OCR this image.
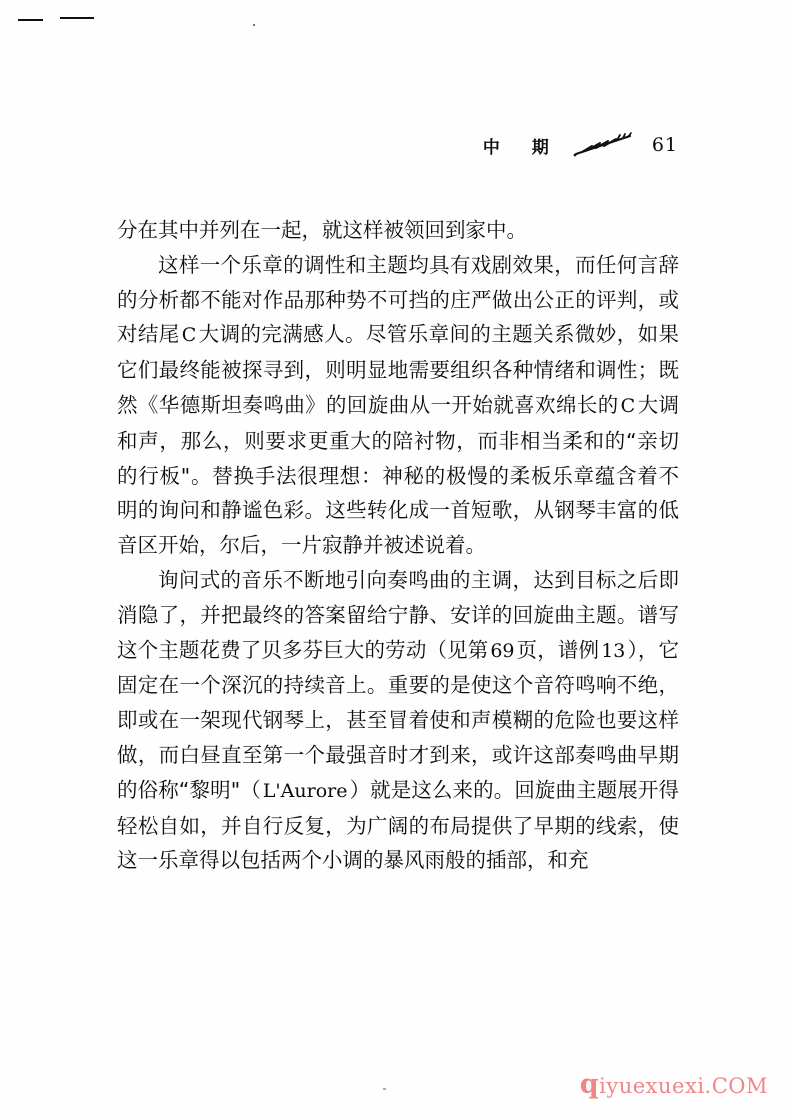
中 期	61

分在其中并列在一起，就这样被领回到家中。

这样一个乐章的调性和主题均具有戏剧效果，而任何言辞的分析都不能对作品那种势不可挡的庄严做出公正的评判，或对结尾 C大调的完满感人。尽管乐章间的主题关系微妙，如果它们最终能被探寻到，则明显地需要组织各种情绪和调性；既然《华德斯坦奏鸣曲》的回旋曲从一开始就喜欢绵长的 C大调和声，那么，则要求更重大的陪衬物，而非相当柔和的“亲切的行板"。替换手法很理想：神秘的极慢的柔板乐章蕴含着不明的询问和静谧色彩。这些转化成一首短歌，从钢琴丰富的低音区开始，尔后，一片寂静并被述说着。

询问式的音乐不断地引向奏鸣曲的主调，达到目标之后即消隐了，并把最终的答案留给宁静、安详的回旋曲主题。谱写这个主题花费了贝多芬巨大的劳动（见第 69页，谱例 13），它固定在一个深沉的持续音上。重要的是使这个音符鸣响不绝，即或在一架现代钢琴上，甚至冒着使和声模糊的危险也要这样做，而白昼直至第一个最强音时才到来，或许这部奏鸣曲早期的俗称“黎明"（ L'Aurore）就是这么来的。回旋曲主题展开得轻松自如，并自行反复，为广阔的布局提供了早期的线索，使这一乐章得以包括两个小调的暴风雨般的插部，和充

q iyuexuexi.COM
